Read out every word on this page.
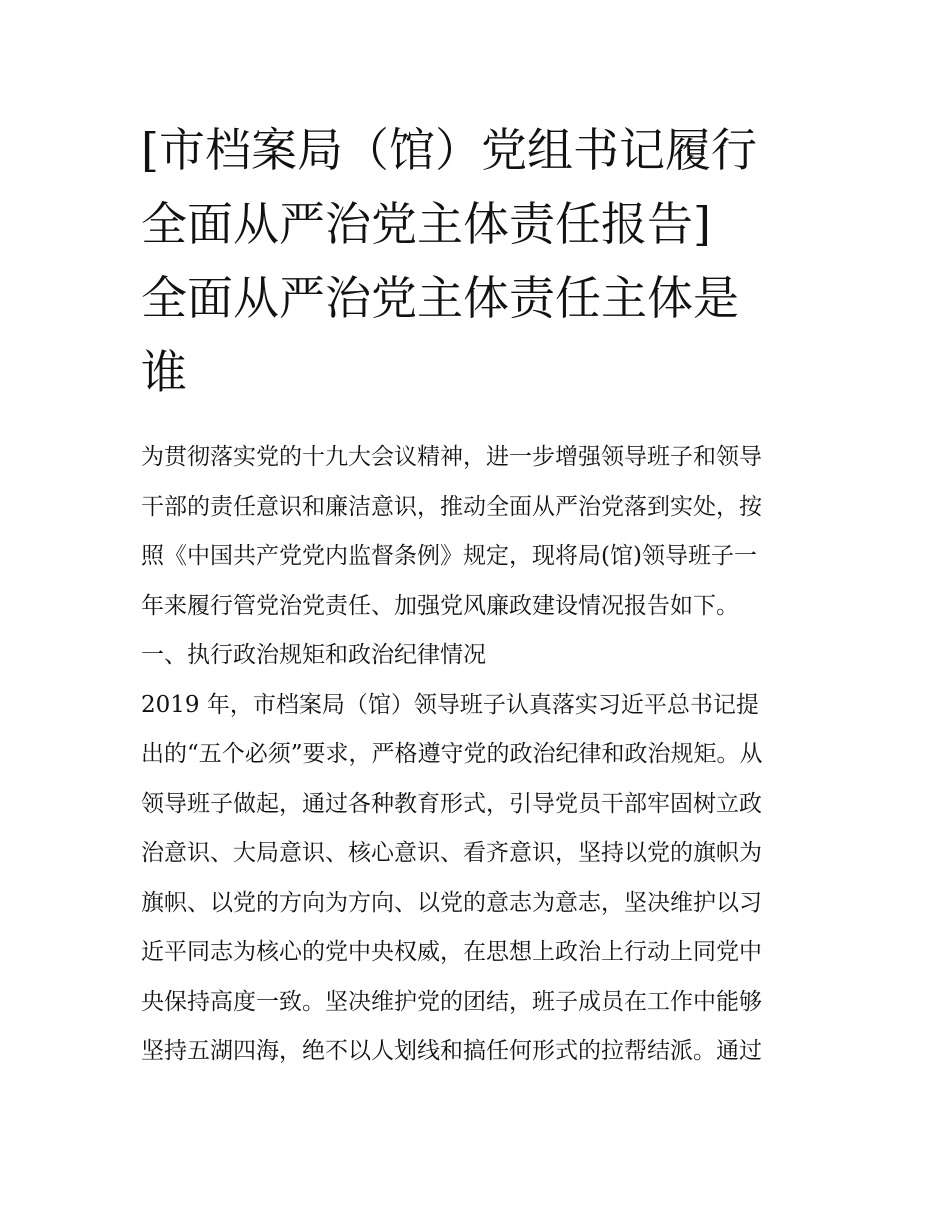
[市档案局（馆）党组书记履行
全面从严治党主体责任报告]
全面从严治党主体责任主体是
谁
为贯彻落实党的十九大会议精神，进一步增强领导班子和领导
干部的责任意识和廉洁意识，推动全面从严治党落到实处，按
照《中国共产党党内监督条例》规定，现将局(馆)领导班子一
年来履行管党治党责任、加强党风廉政建设情况报告如下。
一、执行政治规矩和政治纪律情况
2019 年，市档案局（馆）领导班子认真落实习近平总书记提
出的“五个必须”要求，严格遵守党的政治纪律和政治规矩。从
领导班子做起，通过各种教育形式，引导党员干部牢固树立政
治意识、大局意识、核心意识、看齐意识，坚持以党的旗帜为
旗帜、以党的方向为方向、以党的意志为意志，坚决维护以习
近平同志为核心的党中央权威，在思想上政治上行动上同党中
央保持高度一致。坚决维护党的团结，班子成员在工作中能够
坚持五湖四海，绝不以人划线和搞任何形式的拉帮结派。通过
